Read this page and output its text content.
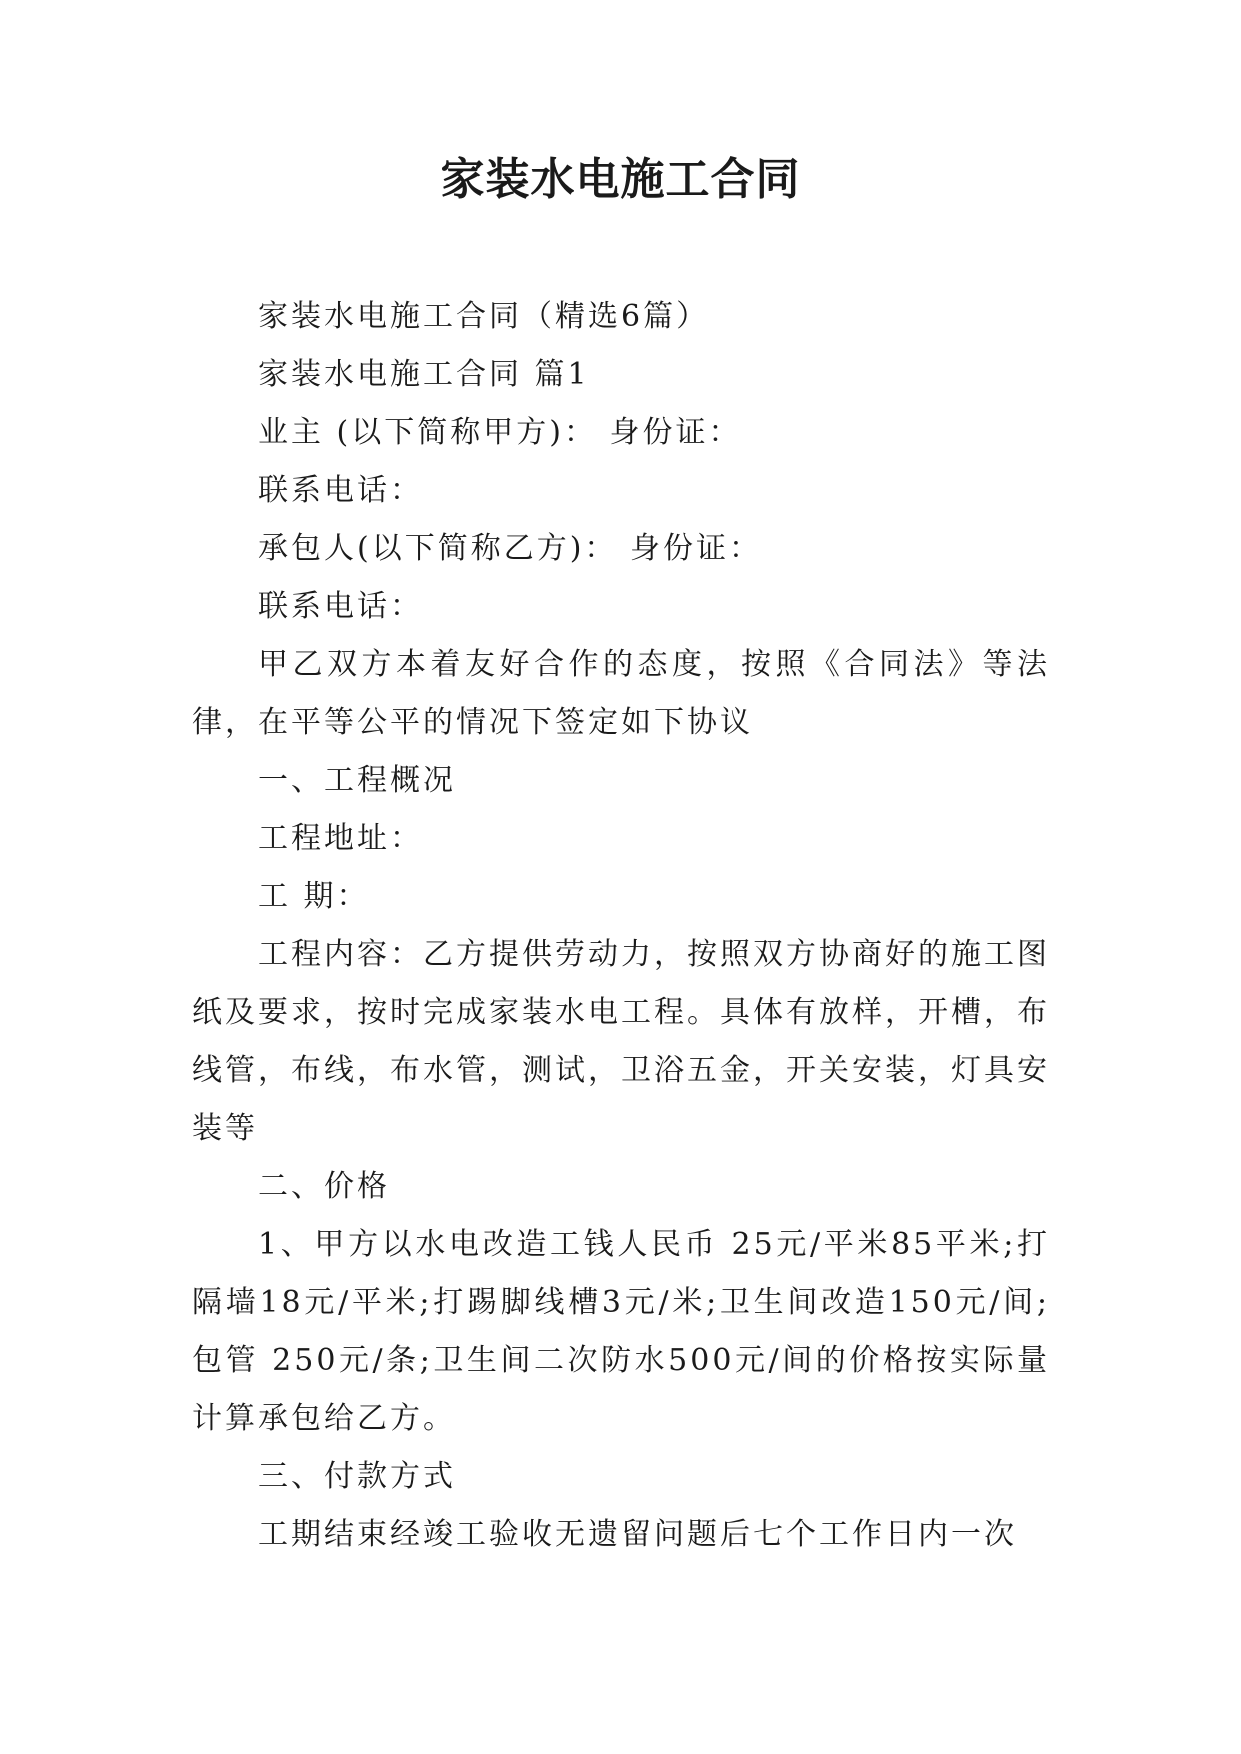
家装水电施工合同

家装水电施工合同（精选6篇）

家装水电施工合同 篇1

业主 (以下简称甲方)： 身份证：

联系电话：

承包人(以下简称乙方)： 身份证：

联系电话：

甲乙双方本着友好合作的态度，按照《合同法》等法律，在平等公平的情况下签定如下协议

一、工程概况

工程地址：

工 期：

工程内容：乙方提供劳动力，按照双方协商好的施工图纸及要求，按时完成家装水电工程。具体有放样，开槽，布线管，布线，布水管，测试，卫浴五金，开关安装，灯具安装等

二、价格

1、甲方以水电改造工钱人民币 25元/平米85平米;打隔墙18元/平米;打踢脚线槽3元/米;卫生间改造150元/间;包管 250元/条;卫生间二次防水500元/间的价格按实际量计算承包给乙方。

三、付款方式

工期结束经竣工验收无遗留问题后七个工作日内一次
